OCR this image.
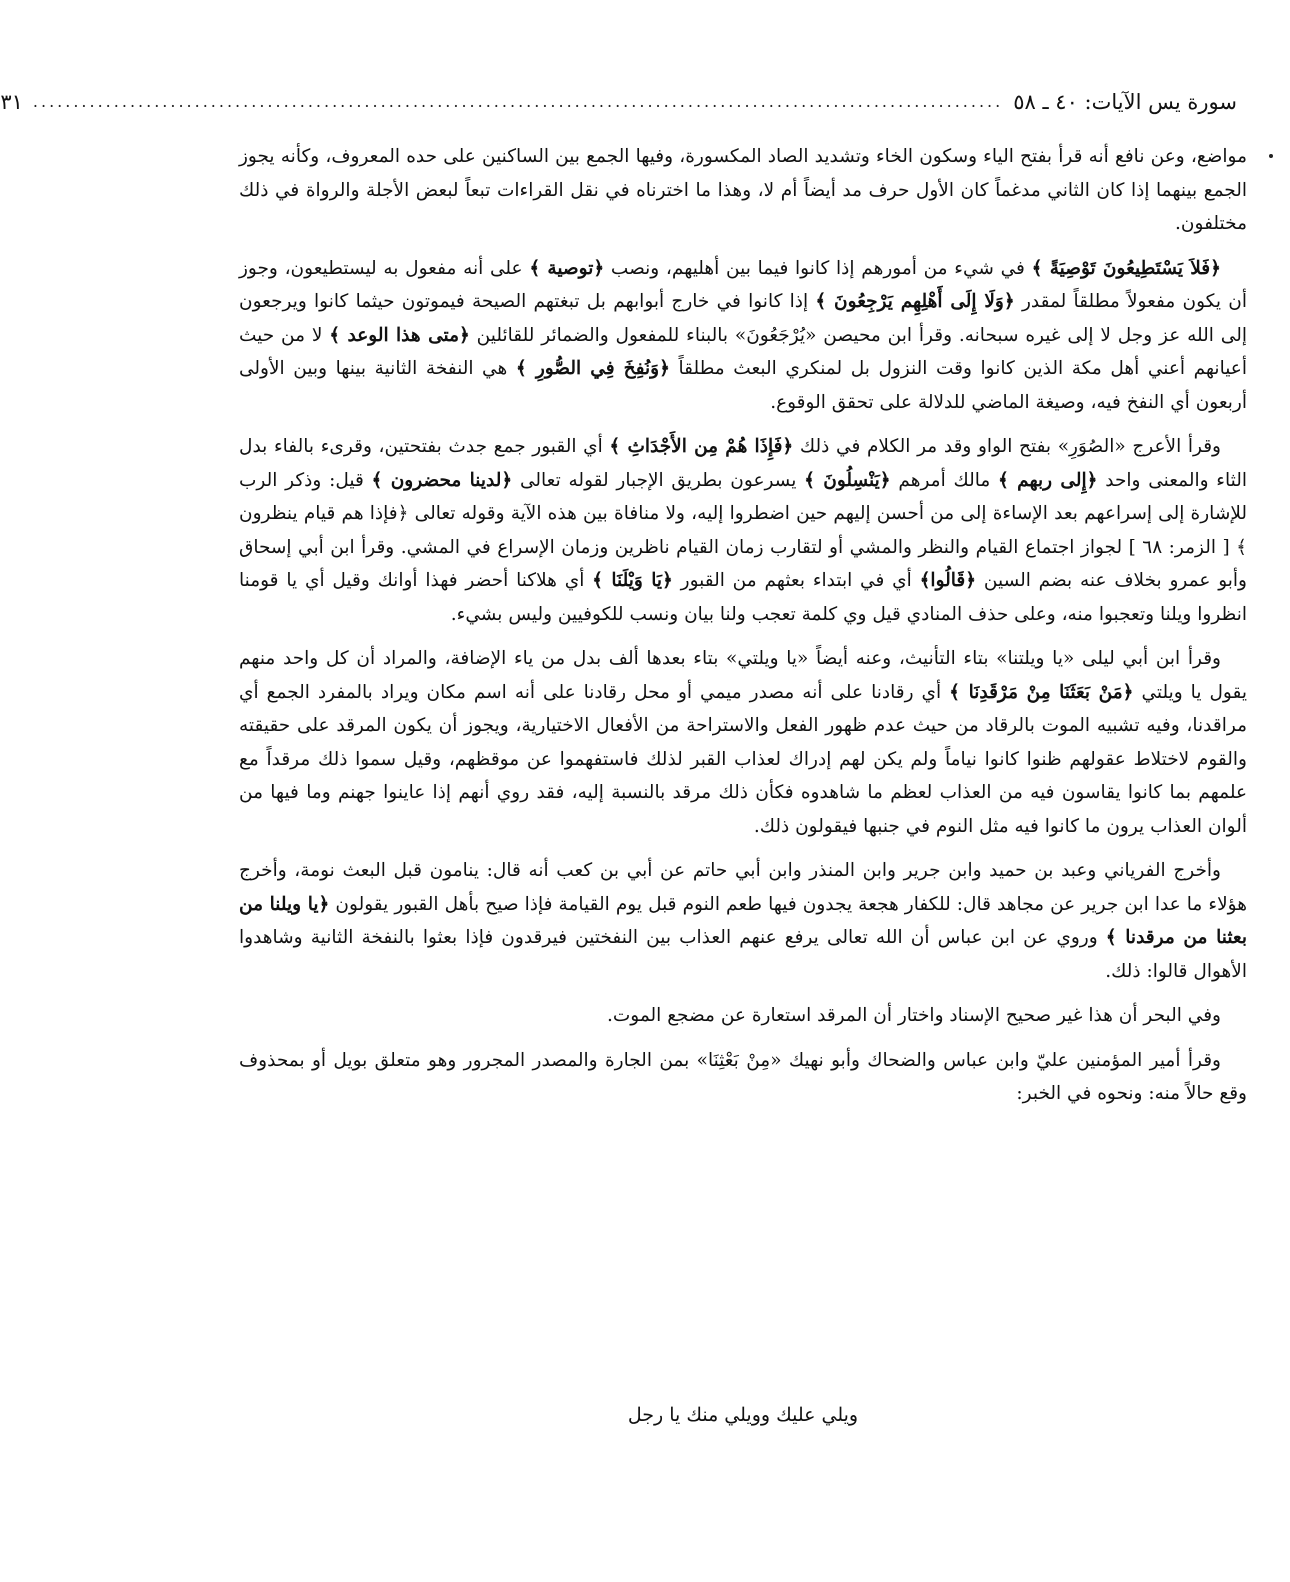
سورة يس الآيات: ٤٠ ـ ٥٨
........................................................................................................................
٣١

مواضع، وعن نافع أنه قرأ بفتح الياء وسكون الخاء وتشديد الصاد المكسورة، وفيها الجمع بين الساكنين على حده المعروف، وكأنه يجوز الجمع بينهما إذا كان الثاني مدغماً كان الأول حرف مد أيضاً أم لا، وهذا ما اخترناه في نقل القراءات تبعاً لبعض الأجلة والرواة في ذلك مختلفون.

﴿فَلاَ يَسْتَطِيعُونَ تَوْصِيَةً ﴾ في شيء من أمورهم إذا كانوا فيما بين أهليهم، ونصب ﴿توصية ﴾ على أنه مفعول به ليستطيعون، وجوز أن يكون مفعولاً مطلقاً لمقدر ﴿وَلَا إِلَى أَهْلِهِم يَرْجِعُونَ ﴾ إذا كانوا في خارج أبوابهم بل تبغتهم الصيحة فيموتون حيثما كانوا ويرجعون إلى الله عز وجل لا إلى غيره سبحانه. وقرأ ابن محيصن «يُرْجَعُونَ» بالبناء للمفعول والضمائر للقائلين ﴿متى هذا الوعد ﴾ لا من حيث أعيانهم أعني أهل مكة الذين كانوا وقت النزول بل لمنكري البعث مطلقاً ﴿وَنُفِخَ فِي الصُّورِ ﴾ هي النفخة الثانية بينها وبين الأولى أربعون أي النفخ فيه، وصيغة الماضي للدلالة على تحقق الوقوع.

وقرأ الأعرج «الصُوَرِ» بفتح الواو وقد مر الكلام في ذلك ﴿فَإِذَا هُمْ مِن الأَجْدَاثِ ﴾ أي القبور جمع جدث بفتحتين، وقرىء بالفاء بدل الثاء والمعنى واحد ﴿إِلى ربهم ﴾ مالك أمرهم ﴿يَنْسِلُونَ ﴾ يسرعون بطريق الإجبار لقوله تعالى ﴿لدينا محضرون ﴾ قيل: وذكر الرب للإشارة إلى إسراعهم بعد الإساءة إلى من أحسن إليهم حين اضطروا إليه، ولا منافاة بين هذه الآية وقوله تعالى ﴿فإذا هم قيام ينظرون ﴾ [ الزمر: ٦٨ ] لجواز اجتماع القيام والنظر والمشي أو لتقارب زمان القيام ناظرين وزمان الإسراع في المشي. وقرأ ابن أبي إسحاق وأبو عمرو بخلاف عنه بضم السين ﴿قَالُوا﴾ أي في ابتداء بعثهم من القبور ﴿يَا وَيْلَنَا ﴾ أي هلاكنا أحضر فهذا أوانك وقيل أي يا قومنا انظروا ويلنا وتعجبوا منه، وعلى حذف المنادي قيل وي كلمة تعجب ولنا بيان ونسب للكوفيين وليس بشيء.

وقرأ ابن أبي ليلى «يا ويلتنا» بتاء التأنيث، وعنه أيضاً «يا ويلتي» بتاء بعدها ألف بدل من ياء الإضافة، والمراد أن كل واحد منهم يقول يا ويلتي ﴿مَنْ بَعَثَنَا مِنْ مَرْقَدِنَا ﴾ أي رقادنا على أنه مصدر ميمي أو محل رقادنا على أنه اسم مكان ويراد بالمفرد الجمع أي مراقدنا، وفيه تشبيه الموت بالرقاد من حيث عدم ظهور الفعل والاستراحة من الأفعال الاختيارية، ويجوز أن يكون المرقد على حقيقته والقوم لاختلاط عقولهم ظنوا كانوا نياماً ولم يكن لهم إدراك لعذاب القبر لذلك فاستفهموا عن موقظهم، وقيل سموا ذلك مرقداً مع علمهم بما كانوا يقاسون فيه من العذاب لعظم ما شاهدوه فكأن ذلك مرقد بالنسبة إليه، فقد روي أنهم إذا عاينوا جهنم وما فيها من ألوان العذاب يرون ما كانوا فيه مثل النوم في جنبها فيقولون ذلك.

وأخرج الفرياني وعبد بن حميد وابن جرير وابن المنذر وابن أبي حاتم عن أبي بن كعب أنه قال: ينامون قبل البعث نومة، وأخرج هؤلاء ما عدا ابن جرير عن مجاهد قال: للكفار هجعة يجدون فيها طعم النوم قبل يوم القيامة فإذا صيح بأهل القبور يقولون ﴿يا ويلنا من بعثنا من مرقدنا ﴾ وروي عن ابن عباس أن الله تعالى يرفع عنهم العذاب بين النفختين فيرقدون فإذا بعثوا بالنفخة الثانية وشاهدوا الأهوال قالوا: ذلك.

وفي البحر أن هذا غير صحيح الإسناد واختار أن المرقد استعارة عن مضجع الموت.

وقرأ أمير المؤمنين عليّ وابن عباس والضحاك وأبو نهيك «مِنْ بَعْثِنَا» بمن الجارة والمصدر المجرور وهو متعلق بويل أو بمحذوف وقع حالاً منه: ونحوه في الخبر:

ويلي عليك وويلي منك يا رجل
